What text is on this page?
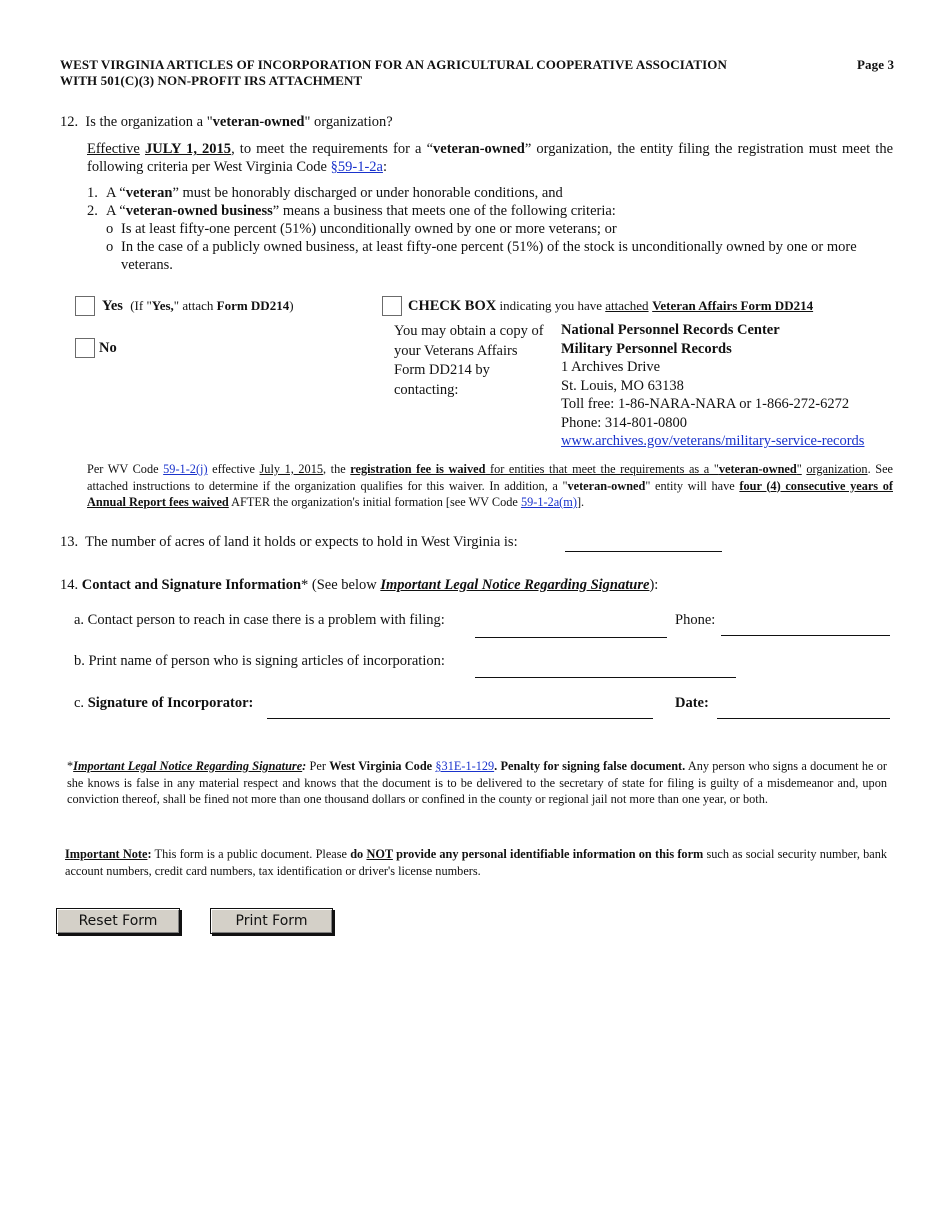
WEST VIRGINIA ARTICLES OF INCORPORATION FOR AN AGRICULTURAL COOPERATIVE ASSOCIATION
WITH 501(C)(3) NON-PROFIT IRS ATTACHMENT
Page 3
12. Is the organization a "veteran-owned" organization?
Effective JULY 1, 2015, to meet the requirements for a “veteran-owned” organization, the entity filing the registration must meet the following criteria per West Virginia Code §59-1-2a:
1. A “veteran” must be honorably discharged or under honorable conditions, and
2. A “veteran-owned business” means a business that meets one of the following criteria:
o Is at least fifty-one percent (51%) unconditionally owned by one or more veterans; or
o In the case of a publicly owned business, at least fifty-one percent (51%) of the stock is unconditionally owned by one or more veterans.
Yes (If "Yes," attach Form DD214)
No
CHECK BOX indicating you have attached Veteran Affairs Form DD214
You may obtain a copy of your Veterans Affairs Form DD214 by contacting:
National Personnel Records Center
Military Personnel Records
1 Archives Drive
St. Louis, MO 63138
Toll free: 1-86-NARA-NARA or 1-866-272-6272
Phone: 314-801-0800
www.archives.gov/veterans/military-service-records
Per WV Code 59-1-2(j) effective July 1, 2015, the registration fee is waived for entities that meet the requirements as a "veteran-owned" organization. See attached instructions to determine if the organization qualifies for this waiver. In addition, a "veteran-owned" entity will have four (4) consecutive years of Annual Report fees waived AFTER the organization's initial formation [see WV Code 59-1-2a(m)].
13. The number of acres of land it holds or expects to hold in West Virginia is:
14. Contact and Signature Information* (See below Important Legal Notice Regarding Signature):
a. Contact person to reach in case there is a problem with filing:	Phone:
b. Print name of person who is signing articles of incorporation:
c. Signature of Incorporator:	Date:
*Important Legal Notice Regarding Signature: Per West Virginia Code §31E-1-129. Penalty for signing false document. Any person who signs a document he or she knows is false in any material respect and knows that the document is to be delivered to the secretary of state for filing is guilty of a misdemeanor and, upon conviction thereof, shall be fined not more than one thousand dollars or confined in the county or regional jail not more than one year, or both.
Important Note: This form is a public document. Please do NOT provide any personal identifiable information on this form such as social security number, bank account numbers, credit card numbers, tax identification or driver's license numbers.
Reset Form	Print Form
